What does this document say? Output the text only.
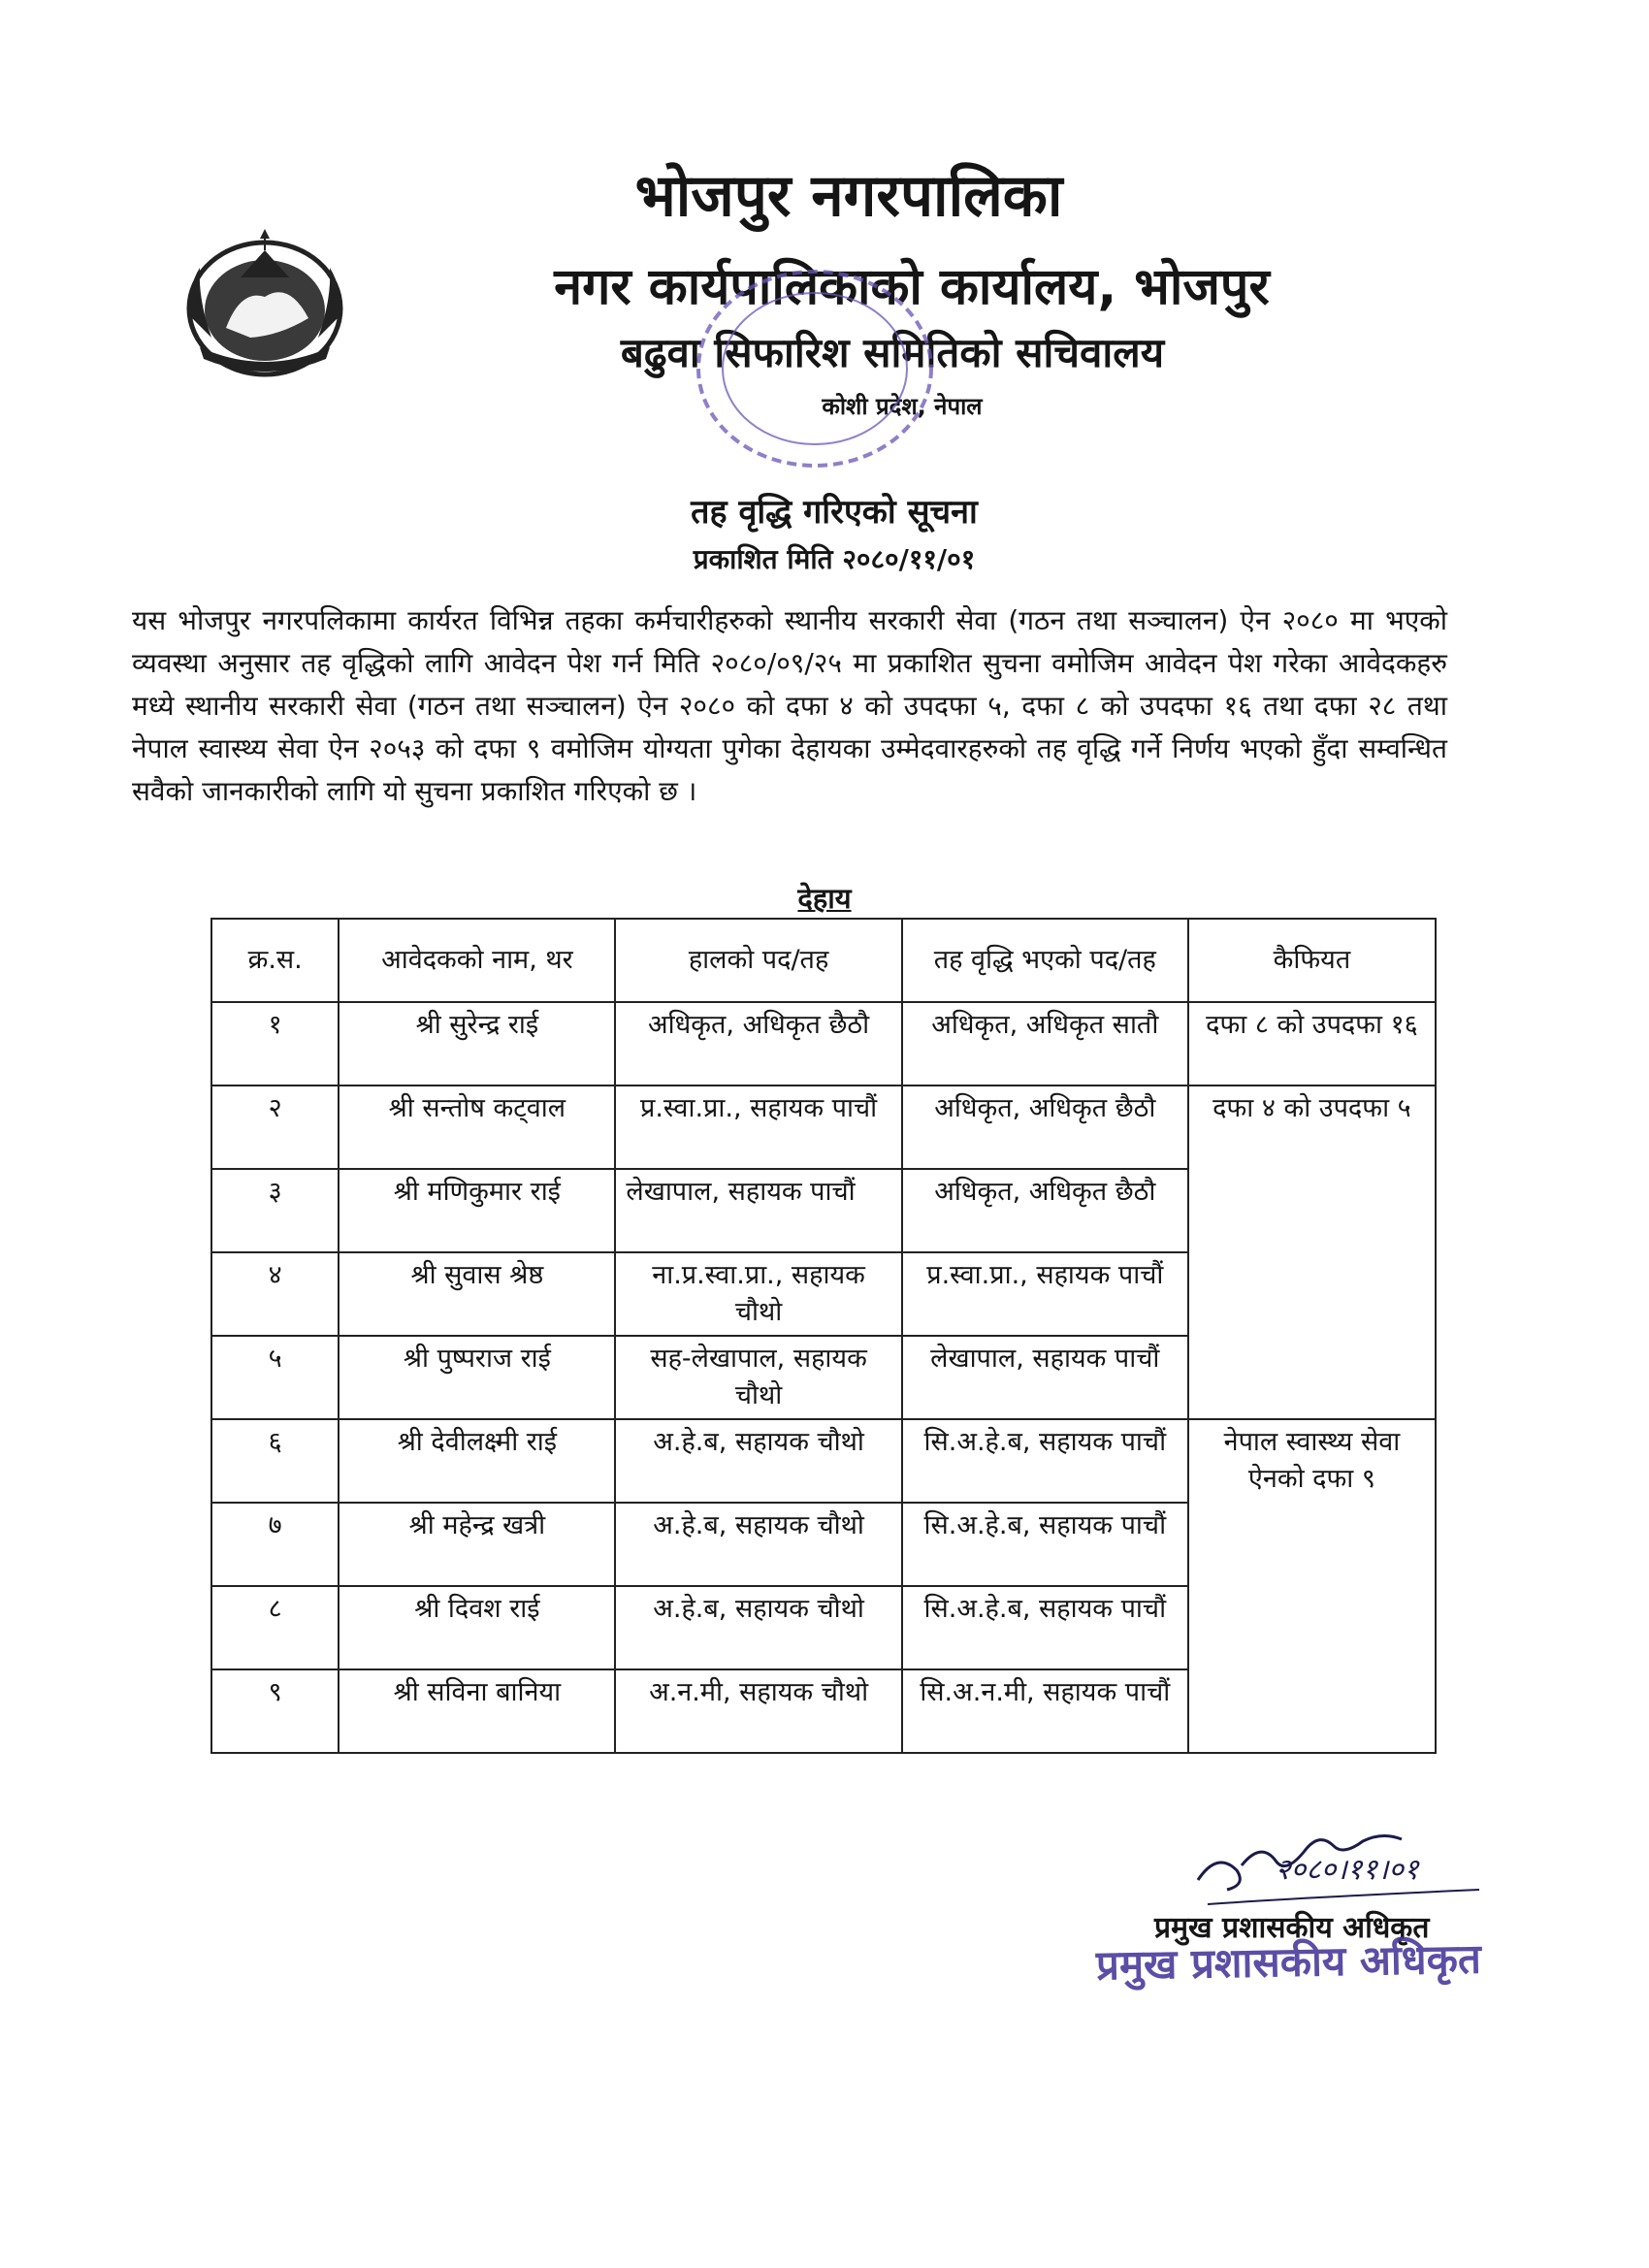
भोजपुर नगरपालिका
नगर कार्यपालिकाको कार्यालय, भोजपुर
बढुवा सिफारिश समितिको सचिवालय
कोशी प्रदेश, नेपाल
तह वृद्धि गरिएको सूचना
प्रकाशित मिति २०८०/११/०१
यस भोजपुर नगरपलिकामा कार्यरत विभिन्न तहका कर्मचारीहरुको स्थानीय सरकारी सेवा (गठन तथा सञ्चालन) ऐन २०८० मा भएको व्यवस्था अनुसार तह वृद्धिको लागि आवेदन पेश गर्न मिति २०८०/०९/२५ मा प्रकाशित सुचना वमोजिम आवेदन पेश गरेका आवेदकहरु मध्ये स्थानीय सरकारी सेवा (गठन तथा सञ्चालन) ऐन २०८० को दफा ४ को उपदफा ५, दफा ८ को उपदफा १६ तथा दफा २८ तथा नेपाल स्वास्थ्य सेवा ऐन २०५३ को दफा ९ वमोजिम योग्यता पुगेका देहायका उम्मेदवारहरुको तह वृद्धि गर्ने निर्णय भएको हुँदा सम्वन्धित सवैको जानकारीको लागि यो सुचना प्रकाशित गरिएको छ ।
देहाय
क्र.स.	आवेदकको नाम, थर	हालको पद/तह	तह वृद्धि भएको पद/तह	कैफियत
१	श्री सुरेन्द्र राई	अधिकृत, अधिकृत छैठौ	अधिकृत, अधिकृत सातौ	दफा ८ को उपदफा १६
२	श्री सन्तोष कट्वाल	प्र.स्वा.प्रा., सहायक पाचौं	अधिकृत, अधिकृत छैठौ	दफा ४ को उपदफा ५
३	श्री मणिकुमार राई	लेखापाल, सहायक पाचौं	अधिकृत, अधिकृत छैठौ	
४	श्री सुवास श्रेष्ठ	ना.प्र.स्वा.प्रा., सहायक चौथो	प्र.स्वा.प्रा., सहायक पाचौं	
५	श्री पुष्पराज राई	सह-लेखापाल, सहायक चौथो	लेखापाल, सहायक पाचौं	
६	श्री देवीलक्ष्मी राई	अ.हे.ब, सहायक चौथो	सि.अ.हे.ब, सहायक पाचौं	नेपाल स्वास्थ्य सेवा ऐनको दफा ९
७	श्री महेन्द्र खत्री	अ.हे.ब, सहायक चौथो	सि.अ.हे.ब, सहायक पाचौं	
८	श्री दिवश राई	अ.हे.ब, सहायक चौथो	सि.अ.हे.ब, सहायक पाचौं	
९	श्री सविना बानिया	अ.न.मी, सहायक चौथो	सि.अ.न.मी, सहायक पाचौं	
२०८०।११।०१
प्रमुख प्रशासकीय अधिकृत
प्रमुख प्रशासकीय अधिकृत
